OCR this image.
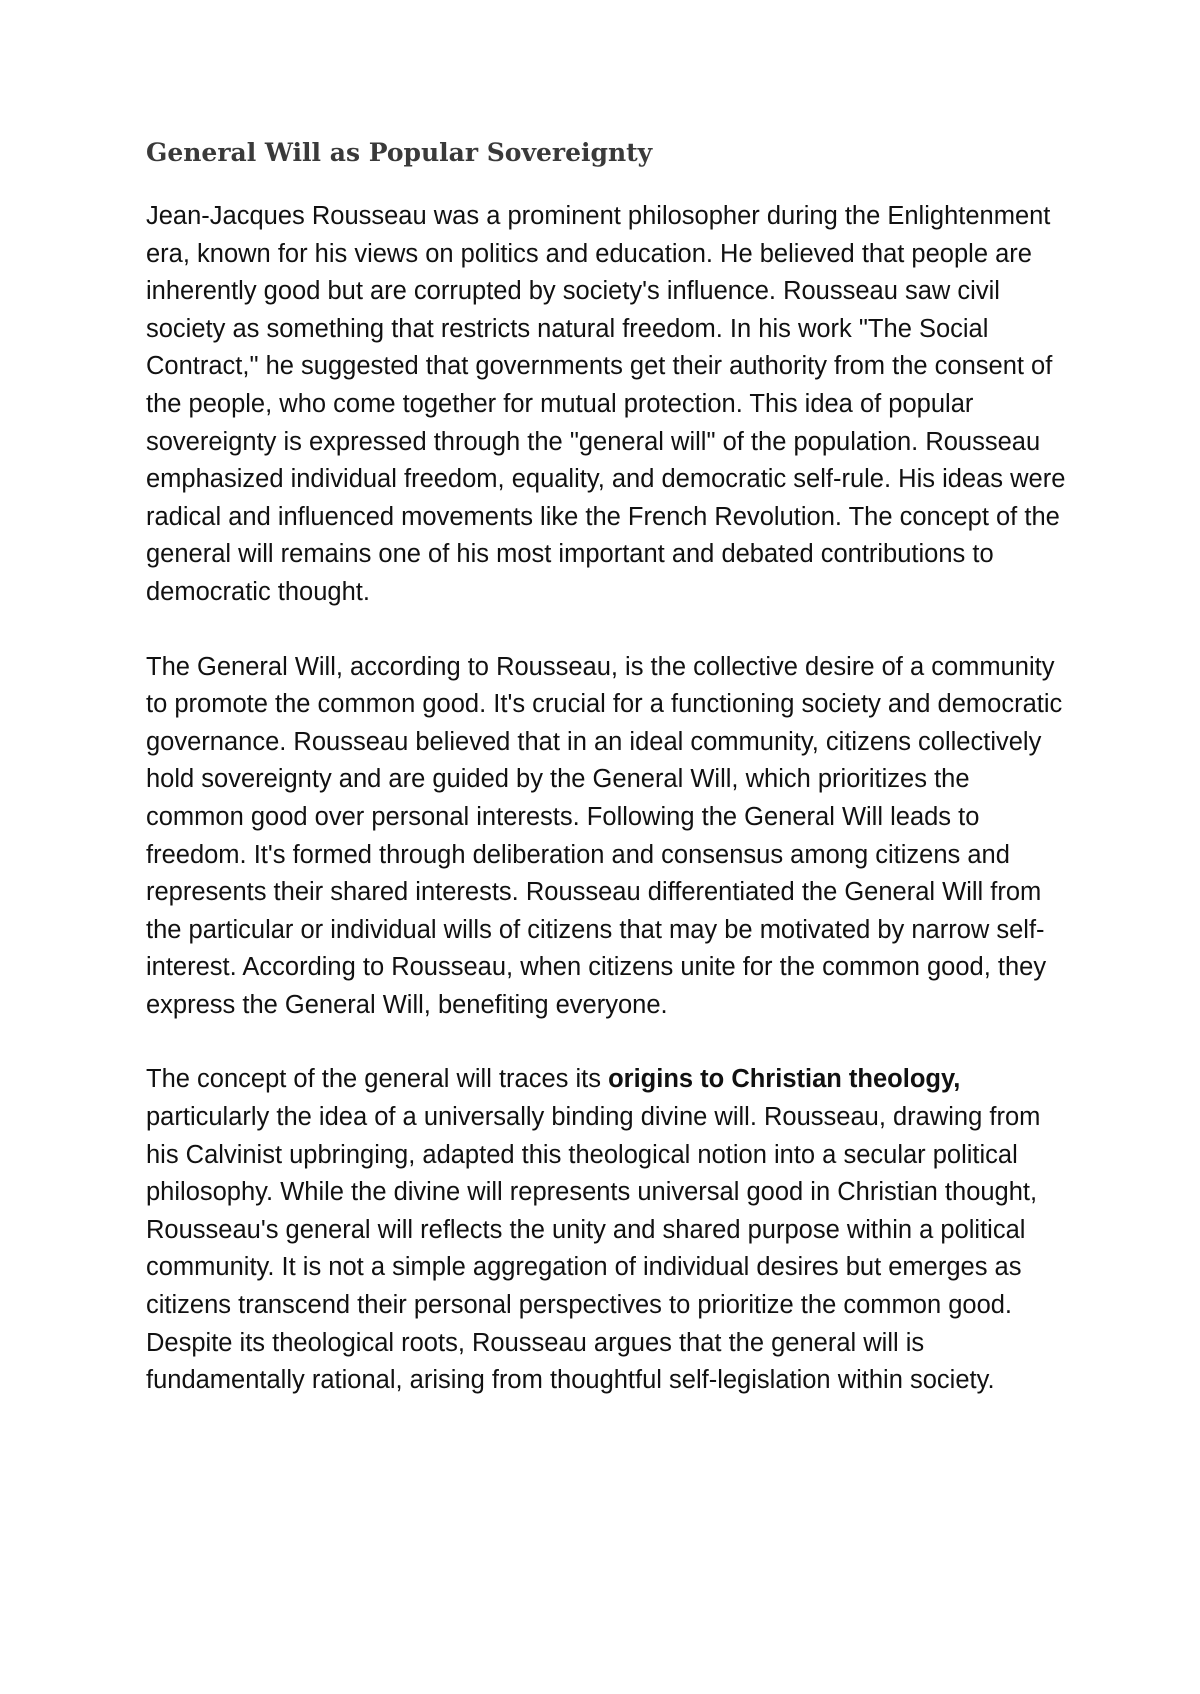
General Will as Popular Sovereignty

Jean-Jacques Rousseau was a prominent philosopher during the Enlightenment era, known for his views on politics and education. He believed that people are inherently good but are corrupted by society's influence. Rousseau saw civil society as something that restricts natural freedom. In his work "The Social Contract," he suggested that governments get their authority from the consent of the people, who come together for mutual protection. This idea of popular sovereignty is expressed through the "general will" of the population. Rousseau emphasized individual freedom, equality, and democratic self-rule. His ideas were radical and influenced movements like the French Revolution. The concept of the general will remains one of his most important and debated contributions to democratic thought.

The General Will, according to Rousseau, is the collective desire of a community to promote the common good. It's crucial for a functioning society and democratic governance. Rousseau believed that in an ideal community, citizens collectively hold sovereignty and are guided by the General Will, which prioritizes the common good over personal interests. Following the General Will leads to freedom. It's formed through deliberation and consensus among citizens and represents their shared interests. Rousseau differentiated the General Will from the particular or individual wills of citizens that may be motivated by narrow self-interest. According to Rousseau, when citizens unite for the common good, they express the General Will, benefiting everyone.

The concept of the general will traces its origins to Christian theology, particularly the idea of a universally binding divine will. Rousseau, drawing from his Calvinist upbringing, adapted this theological notion into a secular political philosophy. While the divine will represents universal good in Christian thought, Rousseau's general will reflects the unity and shared purpose within a political community. It is not a simple aggregation of individual desires but emerges as citizens transcend their personal perspectives to prioritize the common good. Despite its theological roots, Rousseau argues that the general will is fundamentally rational, arising from thoughtful self-legislation within society.
